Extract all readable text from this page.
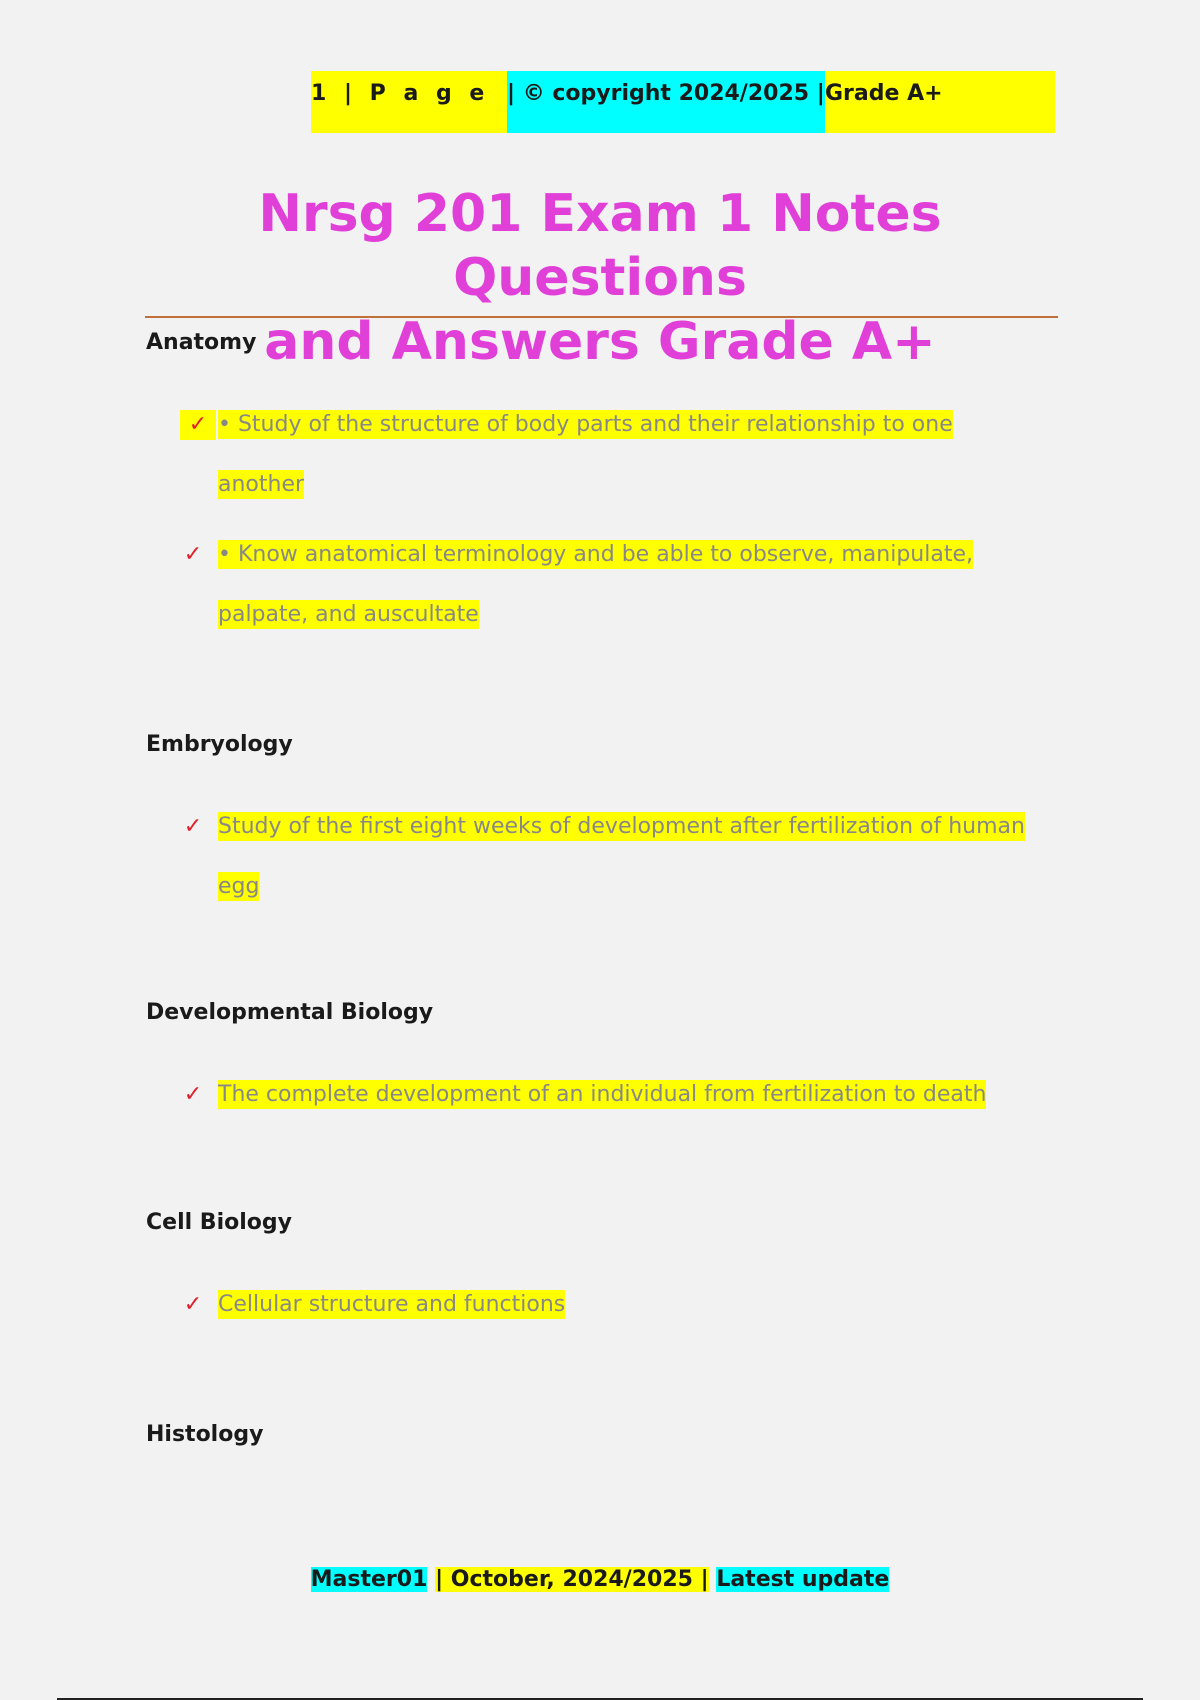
1 | P a g e | © copyright 2024/2025 | Grade A+
Nrsg 201 Exam 1 Notes Questions
and Answers Grade A+
Anatomy
✓ • Study of the structure of body parts and their relationship to one another
✓ • Know anatomical terminology and be able to observe, manipulate, palpate, and auscultate
Embryology
✓ Study of the first eight weeks of development after fertilization of human egg
Developmental Biology
✓ The complete development of an individual from fertilization to death
Cell Biology
✓ Cellular structure and functions
Histology
Master01 | October, 2024/2025 | Latest update
